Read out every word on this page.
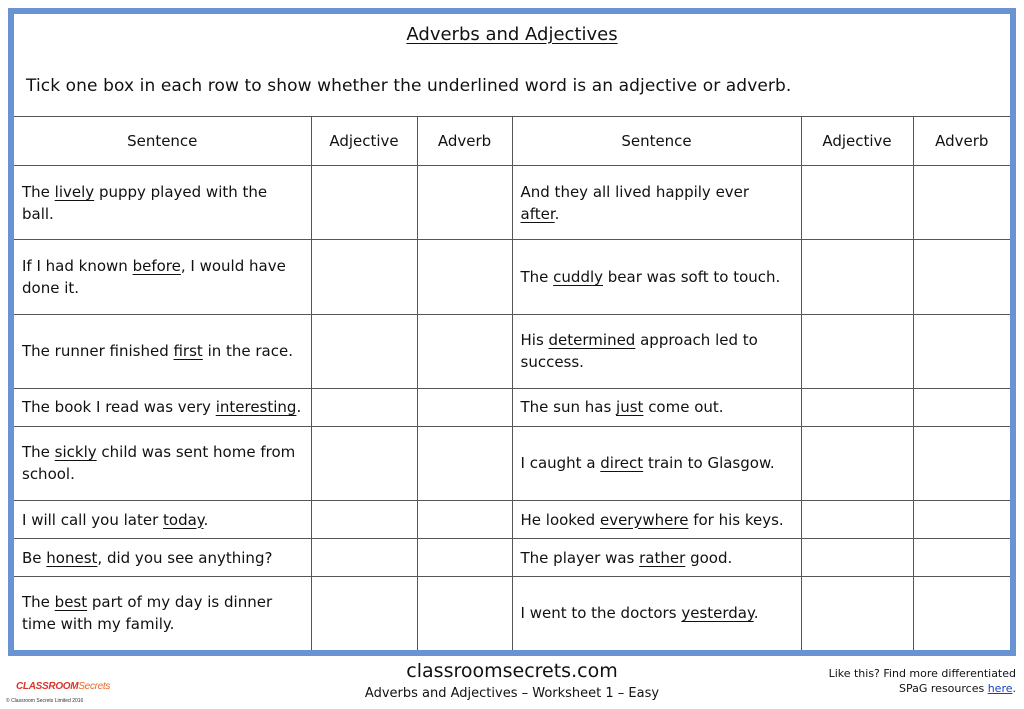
Adverbs and Adjectives
Tick one box in each row to show whether the underlined word is an adjective or adverb.
Sentence	Adjective	Adverb	Sentence	Adjective	Adverb
The lively puppy played with the ball.			And they all lived happily ever after.		
If I had known before, I would have done it.			The cuddly bear was soft to touch.		
The runner finished first in the race.			His determined approach led to success.		
The book I read was very interesting.			The sun has just come out.		
The sickly child was sent home from school.			I caught a direct train to Glasgow.		
I will call you later today.			He looked everywhere for his keys.		
Be honest, did you see anything?			The player was rather good.		
The best part of my day is dinner time with my family.			I went to the doctors yesterday.		
classroomsecrets.com
Adverbs and Adjectives – Worksheet 1 – Easy
CLASSROOMSecrets
© Classroom Secrets Limited 2016
Like this? Find more differentiated
SPaG resources here.
